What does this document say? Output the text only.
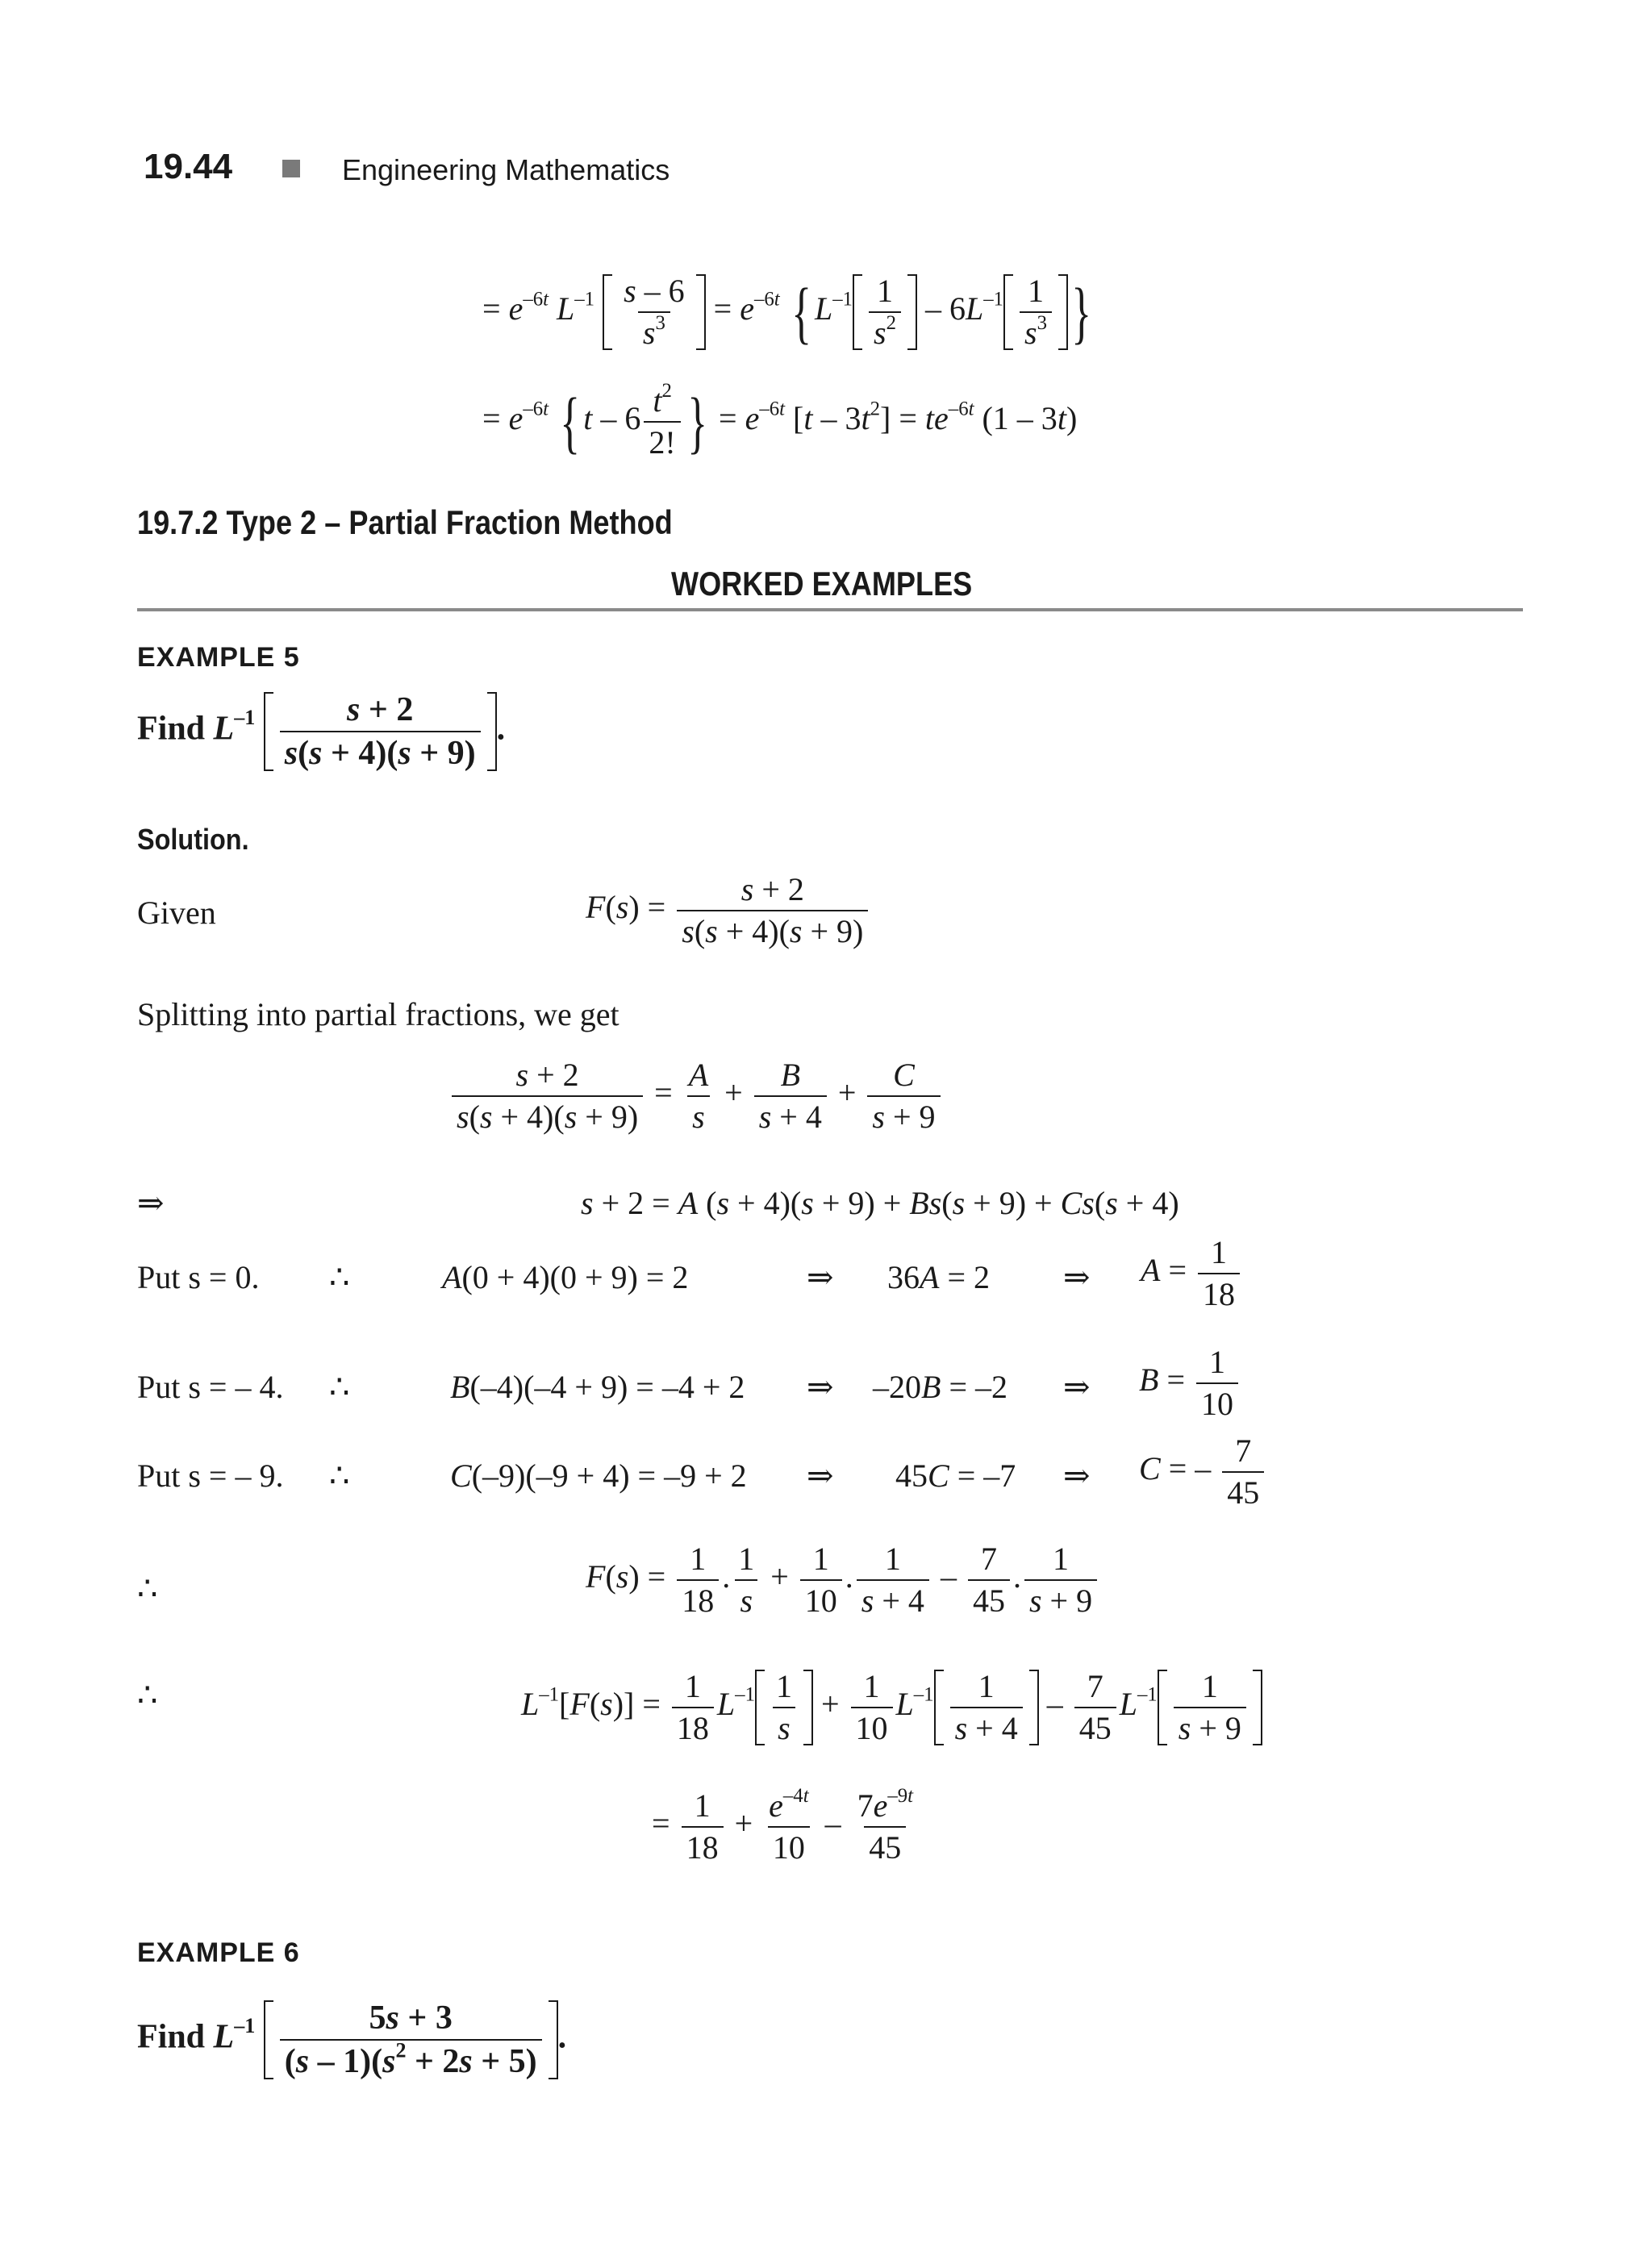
19.44	Engineering Mathematics
= $e^{-6t}$ $L^{-1} \frac{s - 6}{s^3} = e^{-6t}$ { $L^{-1} \frac{1}{s^2} - 6L^{-1} \frac{1}{s^3}$ }
= $e^{-6t}$ { t – $6 \frac{t^2}{2!}$ } = $e^{-6t}$ $[t - 3t^2] = te^{-6t}$ (1 – 3t)
19.7.2 Type 2 – Partial Fraction Method
WORKED EXAMPLES
EXAMPLE 5
Find $L^{-1} \frac{s + 2}{s(s + 4)(s + 9)}$ .
Solution.
Given	$F(s) = \frac{s + 2}{s(s + 4)(s + 9)}$
Splitting into partial fractions, we get
$\frac{s + 2}{s(s + 4)(s + 9)} = \frac{A}{s} + \frac{B}{s + 4} + \frac{C}{s + 9}$
⇒	s + 2 = A (s + 4)(s + 9) + Bs(s + 9) + Cs(s + 4)
Put s = 0. ∴	A(0 + 4)(0 + 9) = 2	⇒ 36A = 2 ⇒ $A = \frac{1}{18}$
Put s = – 4. ∴	B(–4)(–4 + 9) = –4 + 2 ⇒ –20B = –2 ⇒ $B = \frac{1}{10}$
Put s = – 9. ∴	C(–9)(–9 + 4) = –9 + 2 ⇒ 45C = –7 ⇒ C = – $\frac{7}{45}$
∴	$F(s) = \frac{1}{18}$ . $\frac{1}{s} + \frac{1}{10}$ . $\frac{1}{s + 4} - \frac{7}{45}$ . $\frac{1}{s + 9}$
∴	$L^{-1}[F(s)] = \frac{1}{18} L^{-1} \frac{1}{s} + \frac{1}{10} L^{-1} \frac{1}{s + 4} - \frac{7}{45} L^{-1} \frac{1}{s + 9}$
= $\frac{1}{18} + \frac{e^{-4t}}{10} - \frac{7e^{-9t}}{45}$
EXAMPLE 6
Find $L^{-1} \frac{5s + 3}{(s - 1)(s^2 + 2s + 5)}$ .
